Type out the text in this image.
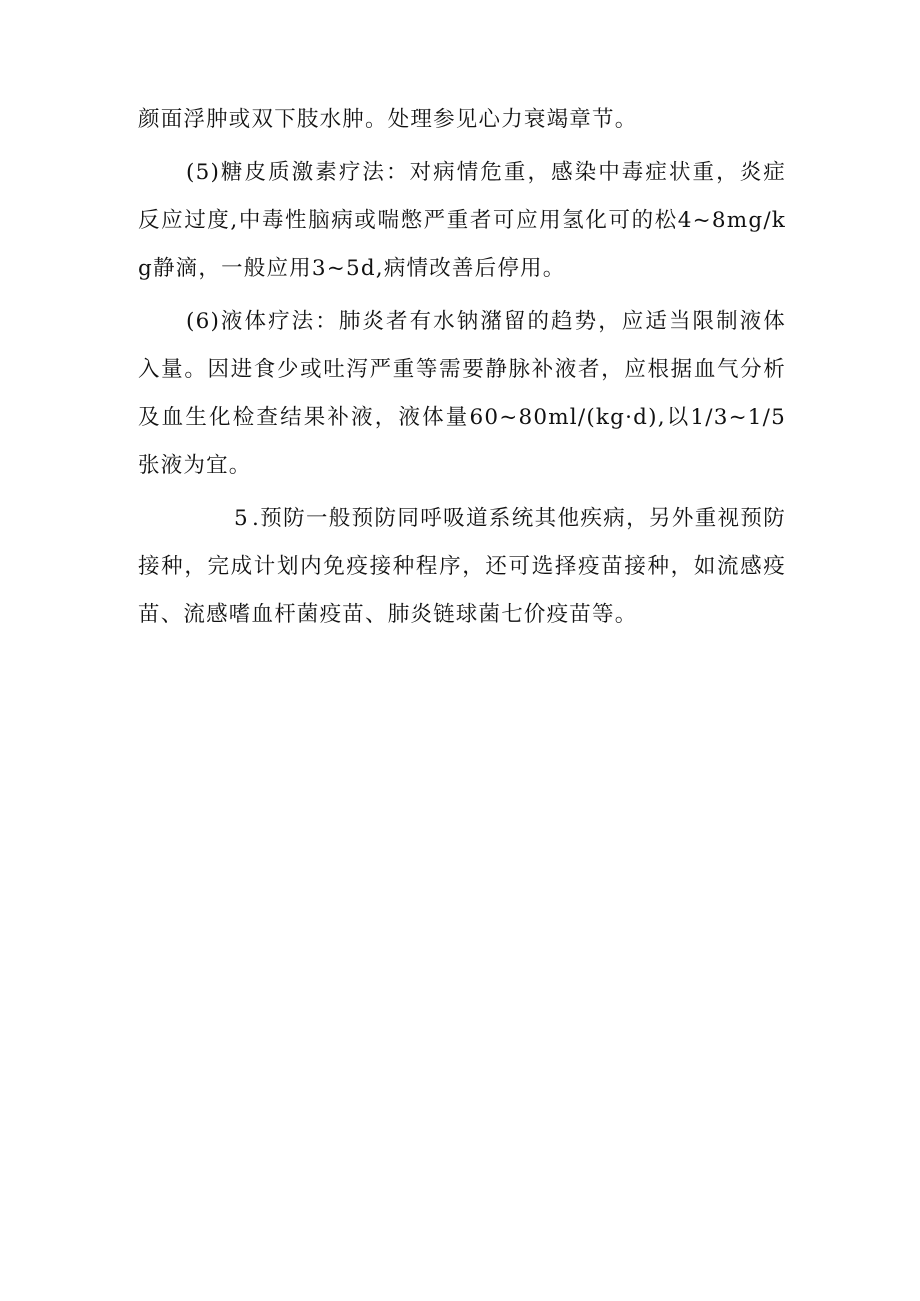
颜面浮肿或双下肢水肿。处理参见心力衰竭章节。

(5)糖皮质激素疗法：对病情危重，感染中毒症状重，炎症反应过度,中毒性脑病或喘憋严重者可应用氢化可的松4~8mg/kg静滴，一般应用3~5d,病情改善后停用。

(6)液体疗法：肺炎者有水钠潴留的趋势，应适当限制液体入量。因进食少或吐泻严重等需要静脉补液者，应根据血气分析及血生化检查结果补液，液体量60~80ml/(kg·d),以1/3~1/5张液为宜。

5 .预防一般预防同呼吸道系统其他疾病，另外重视预防接种，完成计划内免疫接种程序，还可选择疫苗接种，如流感疫苗、流感嗜血杆菌疫苗、肺炎链球菌七价疫苗等。
